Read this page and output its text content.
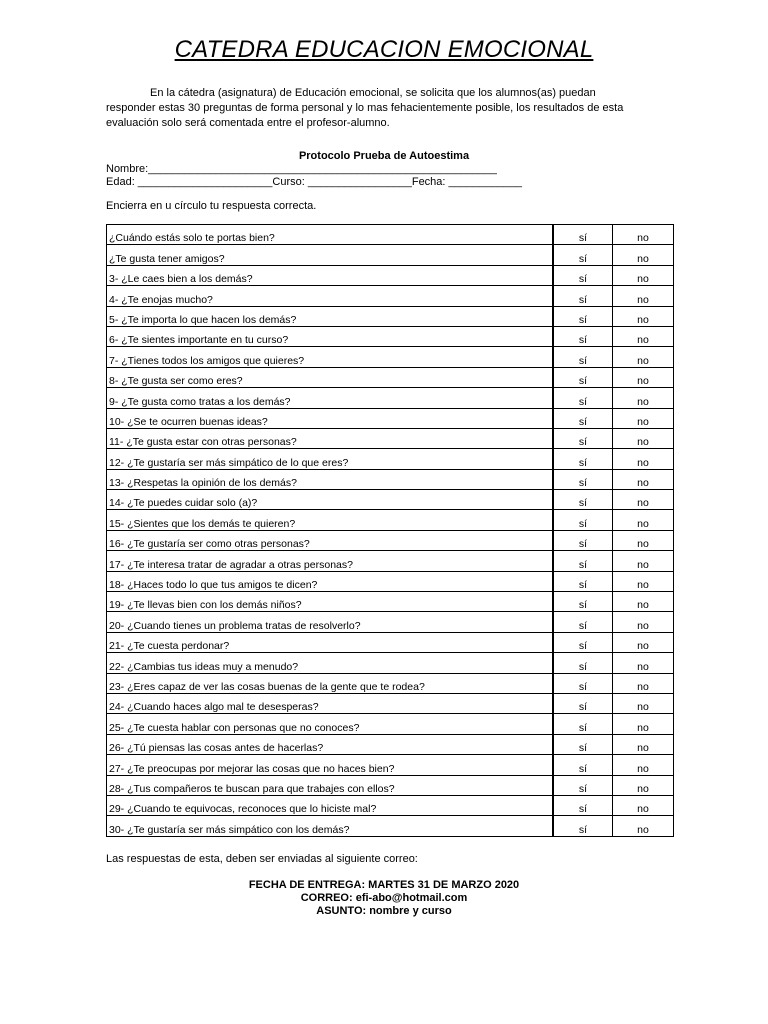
CATEDRA EDUCACION EMOCIONAL
En la cátedra (asignatura) de Educación emocional, se solicita que los alumnos(as) puedan
responder estas 30 preguntas de forma personal y lo mas fehacientemente posible, los resultados de esta
evaluación solo será comentada entre el profesor-alumno.
Protocolo Prueba de Autoestima
Nombre:_________________________________________________________
Edad: ______________________Curso: _________________Fecha: ____________
Encierra en u círculo tu respuesta correcta.
¿Cuándo estás solo te portas bien?	sí	no
¿Te gusta tener amigos?	sí	no
3- ¿Le caes bien a los demás?	sí	no
4- ¿Te enojas mucho?	sí	no
5- ¿Te importa lo que hacen los demás?	sí	no
6- ¿Te sientes importante en tu curso?	sí	no
7- ¿Tienes todos los amigos que quieres?	sí	no
8- ¿Te gusta ser como eres?	sí	no
9- ¿Te gusta como tratas a los demás?	sí	no
10- ¿Se te ocurren buenas ideas?	sí	no
11- ¿Te gusta estar con otras personas?	sí	no
12- ¿Te gustaría ser más simpático de lo que eres?	sí	no
13- ¿Respetas la opinión de los demás?	sí	no
14- ¿Te puedes cuidar solo (a)?	sí	no
15- ¿Sientes que los demás te quieren?	sí	no
16- ¿Te gustaría ser como otras personas?	sí	no
17- ¿Te interesa tratar de agradar a otras personas?	sí	no
18- ¿Haces todo lo que tus amigos te dicen?	sí	no
19- ¿Te llevas bien con los demás niños?	sí	no
20- ¿Cuando tienes un problema tratas de resolverlo?	sí	no
21- ¿Te cuesta perdonar?	sí	no
22- ¿Cambias tus ideas muy a menudo?	sí	no
23- ¿Eres capaz de ver las cosas buenas de la gente que te rodea?	sí	no
24- ¿Cuando haces algo mal te desesperas?	sí	no
25- ¿Te cuesta hablar con personas que no conoces?	sí	no
26- ¿Tú piensas las cosas antes de hacerlas?	sí	no
27- ¿Te preocupas por mejorar las cosas que no haces bien?	sí	no
28- ¿Tus compañeros te buscan para que trabajes con ellos?	sí	no
29- ¿Cuando te equivocas, reconoces que lo hiciste mal?	sí	no
30- ¿Te gustaría ser más simpático con los demás?	sí	no
Las respuestas de esta, deben ser enviadas al siguiente correo:
FECHA DE ENTREGA: MARTES 31 DE MARZO 2020
CORREO: efi-abo@hotmail.com
ASUNTO: nombre y curso
